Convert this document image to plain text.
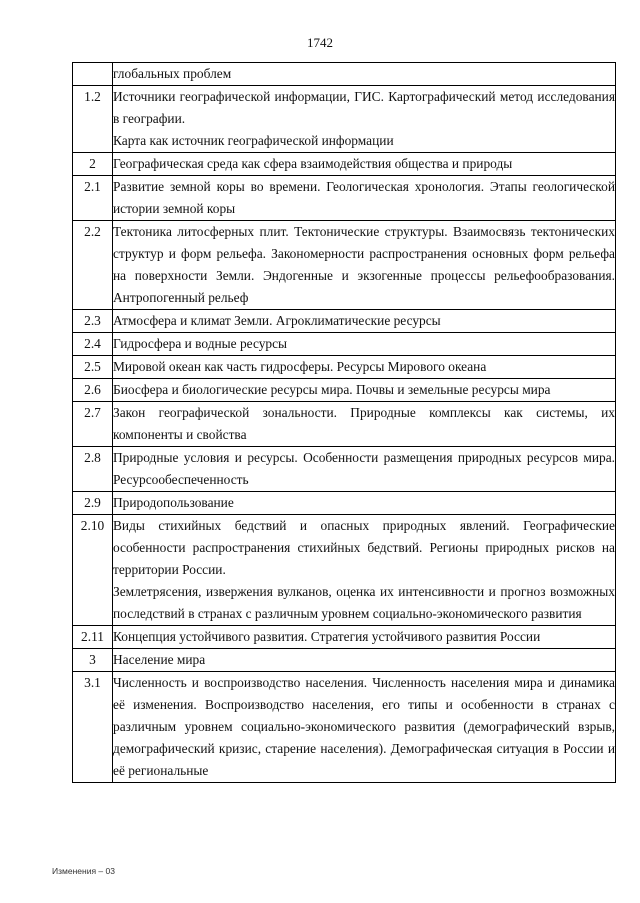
1742

	глобальных проблем

1.2	Источники географической информации, ГИС. Картографический метод исследования в географии.
Карта как источник географической информации

2	Географическая среда как сфера взаимодействия общества и природы

2.1	Развитие земной коры во времени. Геологическая хронология. Этапы геологической истории земной коры

2.2	Тектоника литосферных плит. Тектонические структуры. Взаимосвязь тектонических структур и форм рельефа. Закономерности распространения основных форм рельефа на поверхности Земли. Эндогенные и экзогенные процессы рельефообразования. Антропогенный рельеф

2.3	Атмосфера и климат Земли. Агроклиматические ресурсы

2.4	Гидросфера и водные ресурсы

2.5	Мировой океан как часть гидросферы. Ресурсы Мирового океана

2.6	Биосфера и биологические ресурсы мира. Почвы и земельные ресурсы мира

2.7	Закон географической зональности. Природные комплексы как системы, их компоненты и свойства

2.8	Природные условия и ресурсы. Особенности размещения природных ресурсов мира. Ресурсообеспеченность

2.9	Природопользование

2.10	Виды стихийных бедствий и опасных природных явлений. Географические особенности распространения стихийных бедствий. Регионы природных рисков на территории России.
Землетрясения, извержения вулканов, оценка их интенсивности и прогноз возможных последствий в странах с различным уровнем социально-экономического развития

2.11	Концепция устойчивого развития. Стратегия устойчивого развития России

3	Население мира

3.1	Численность и воспроизводство населения. Численность населения мира и динамика её изменения. Воспроизводство населения, его типы и особенности в странах с различным уровнем социально-экономического развития (демографический взрыв, демографический кризис, старение населения). Демографическая ситуация в России и её региональные
Изменения – 03
